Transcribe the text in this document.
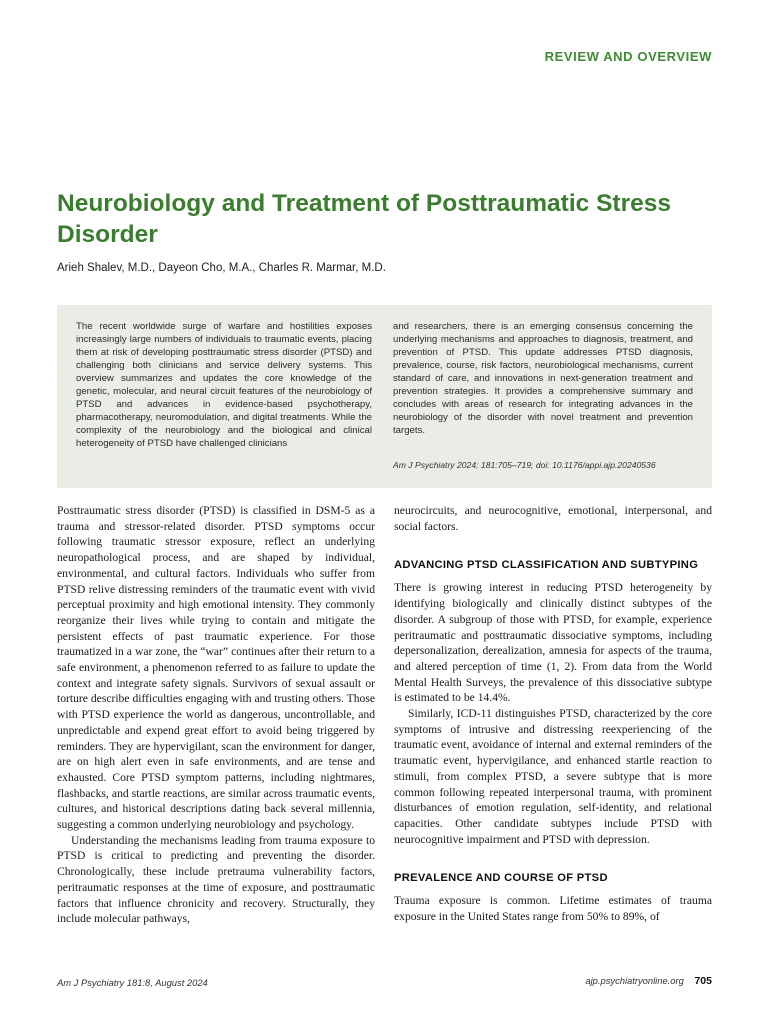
REVIEW AND OVERVIEW
Neurobiology and Treatment of Posttraumatic Stress Disorder
Arieh Shalev, M.D., Dayeon Cho, M.A., Charles R. Marmar, M.D.

The recent worldwide surge of warfare and hostilities exposes increasingly large numbers of individuals to traumatic events, placing them at risk of developing posttraumatic stress disorder (PTSD) and challenging both clinicians and service delivery systems. This overview summarizes and updates the core knowledge of the genetic, molecular, and neural circuit features of the neurobiology of PTSD and advances in evidence-based psychotherapy, pharmacotherapy, neuromodulation, and digital treatments. While the complexity of the neurobiology and the biological and clinical heterogeneity of PTSD have challenged clinicians

and researchers, there is an emerging consensus concerning the underlying mechanisms and approaches to diagnosis, treatment, and prevention of PTSD. This update addresses PTSD diagnosis, prevalence, course, risk factors, neurobiological mechanisms, current standard of care, and innovations in next-generation treatment and prevention strategies. It provides a comprehensive summary and concludes with areas of research for integrating advances in the neurobiology of the disorder with novel treatment and prevention targets.

Am J Psychiatry 2024; 181:705–719; doi: 10.1176/appi.ajp.20240536

Posttraumatic stress disorder (PTSD) is classified in DSM-5 as a trauma and stressor-related disorder. PTSD symptoms occur following traumatic stressor exposure, reflect an underlying neuropathological process, and are shaped by individual, environmental, and cultural factors. Individuals who suffer from PTSD relive distressing reminders of the traumatic event with vivid perceptual proximity and high emotional intensity. They commonly reorganize their lives while trying to contain and mitigate the persistent effects of past traumatic experience. For those traumatized in a war zone, the “war” continues after their return to a safe environment, a phenomenon referred to as failure to update the context and integrate safety signals. Survivors of sexual assault or torture describe difficulties engaging with and trusting others. Those with PTSD experience the world as dangerous, uncontrollable, and unpredictable and expend great effort to avoid being triggered by reminders. They are hypervigilant, scan the environment for danger, are on high alert even in safe environments, and are tense and exhausted. Core PTSD symptom patterns, including nightmares, flashbacks, and startle reactions, are similar across traumatic events, cultures, and historical descriptions dating back several millennia, suggesting a common underlying neurobiology and psychology.

Understanding the mechanisms leading from trauma exposure to PTSD is critical to predicting and preventing the disorder. Chronologically, these include pretrauma vulnerability factors, peritraumatic responses at the time of exposure, and posttraumatic factors that influence chronicity and recovery. Structurally, they include molecular pathways,

neurocircuits, and neurocognitive, emotional, interpersonal, and social factors.

ADVANCING PTSD CLASSIFICATION AND SUBTYPING

There is growing interest in reducing PTSD heterogeneity by identifying biologically and clinically distinct subtypes of the disorder. A subgroup of those with PTSD, for example, experience peritraumatic and posttraumatic dissociative symptoms, including depersonalization, derealization, amnesia for aspects of the trauma, and altered perception of time (1, 2). From data from the World Mental Health Surveys, the prevalence of this dissociative subtype is estimated to be 14.4%.

Similarly, ICD-11 distinguishes PTSD, characterized by the core symptoms of intrusive and distressing reexperiencing of the traumatic event, avoidance of internal and external reminders of the traumatic event, hypervigilance, and enhanced startle reaction to stimuli, from complex PTSD, a severe subtype that is more common following repeated interpersonal trauma, with prominent disturbances of emotion regulation, self-identity, and relational capacities. Other candidate subtypes include PTSD with neurocognitive impairment and PTSD with depression.

PREVALENCE AND COURSE OF PTSD

Trauma exposure is common. Lifetime estimates of trauma exposure in the United States range from 50% to 89%, of

Am J Psychiatry 181:8, August 2024	ajp.psychiatryonline.org 705
